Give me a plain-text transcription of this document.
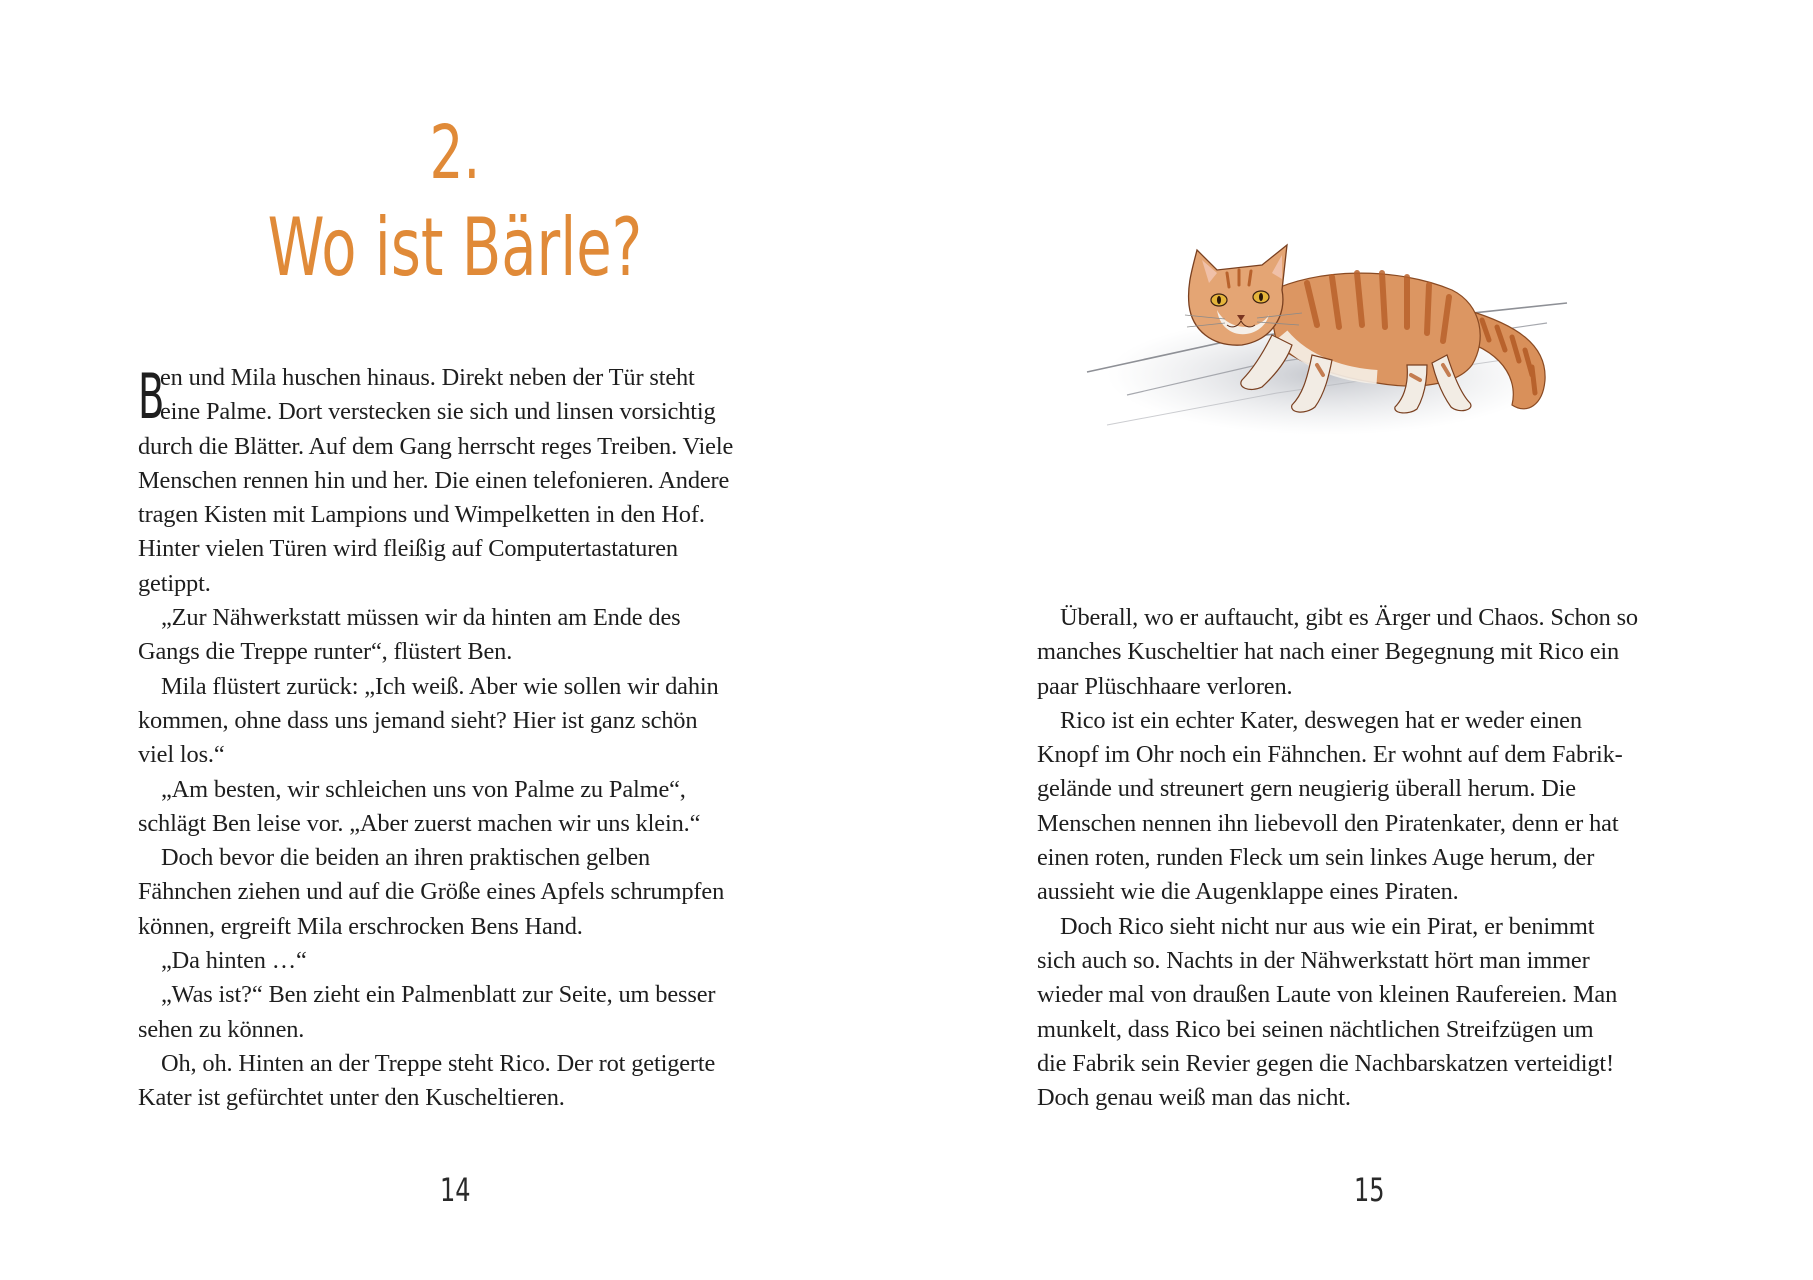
2.
Wo ist Bärle?
B
en und Mila huschen hinaus. Direkt neben der Tür steht
eine Palme. Dort verstecken sie sich und linsen vorsichtig
durch die Blätter. Auf dem Gang herrscht reges Treiben. Viele
Menschen rennen hin und her. Die einen telefonieren. Andere
tragen Kisten mit Lampions und Wimpelketten in den Hof.
Hinter vielen Türen wird fleißig auf Computertastaturen
getippt.
„Zur Nähwerkstatt müssen wir da hinten am Ende des
Gangs die Treppe runter“, flüstert Ben.
Mila flüstert zurück: „Ich weiß. Aber wie sollen wir dahin
kommen, ohne dass uns jemand sieht? Hier ist ganz schön
viel los.“
„Am besten, wir schleichen uns von Palme zu Palme“,
schlägt Ben leise vor. „Aber zuerst machen wir uns klein.“
Doch bevor die beiden an ihren praktischen gelben
Fähnchen ziehen und auf die Größe eines Apfels schrumpfen
können, ergreift Mila erschrocken Bens Hand.
„Da hinten …“
„Was ist?“ Ben zieht ein Palmenblatt zur Seite, um besser
sehen zu können.
Oh, oh. Hinten an der Treppe steht Rico. Der rot getigerte
Kater ist gefürchtet unter den Kuscheltieren.
14
Überall, wo er auftaucht, gibt es Ärger und Chaos. Schon so
manches Kuscheltier hat nach einer Begegnung mit Rico ein
paar Plüschhaare verloren.
Rico ist ein echter Kater, deswegen hat er weder einen
Knopf im Ohr noch ein Fähnchen. Er wohnt auf dem Fabrik-
gelände und streunert gern neugierig überall herum. Die
Menschen nennen ihn liebevoll den Piratenkater, denn er hat
einen roten, runden Fleck um sein linkes Auge herum, der
aussieht wie die Augenklappe eines Piraten.
Doch Rico sieht nicht nur aus wie ein Pirat, er benimmt
sich auch so. Nachts in der Nähwerkstatt hört man immer
wieder mal von draußen Laute von kleinen Raufereien. Man
munkelt, dass Rico bei seinen nächtlichen Streifzügen um
die Fabrik sein Revier gegen die Nachbarskatzen verteidigt!
Doch genau weiß man das nicht.
15
